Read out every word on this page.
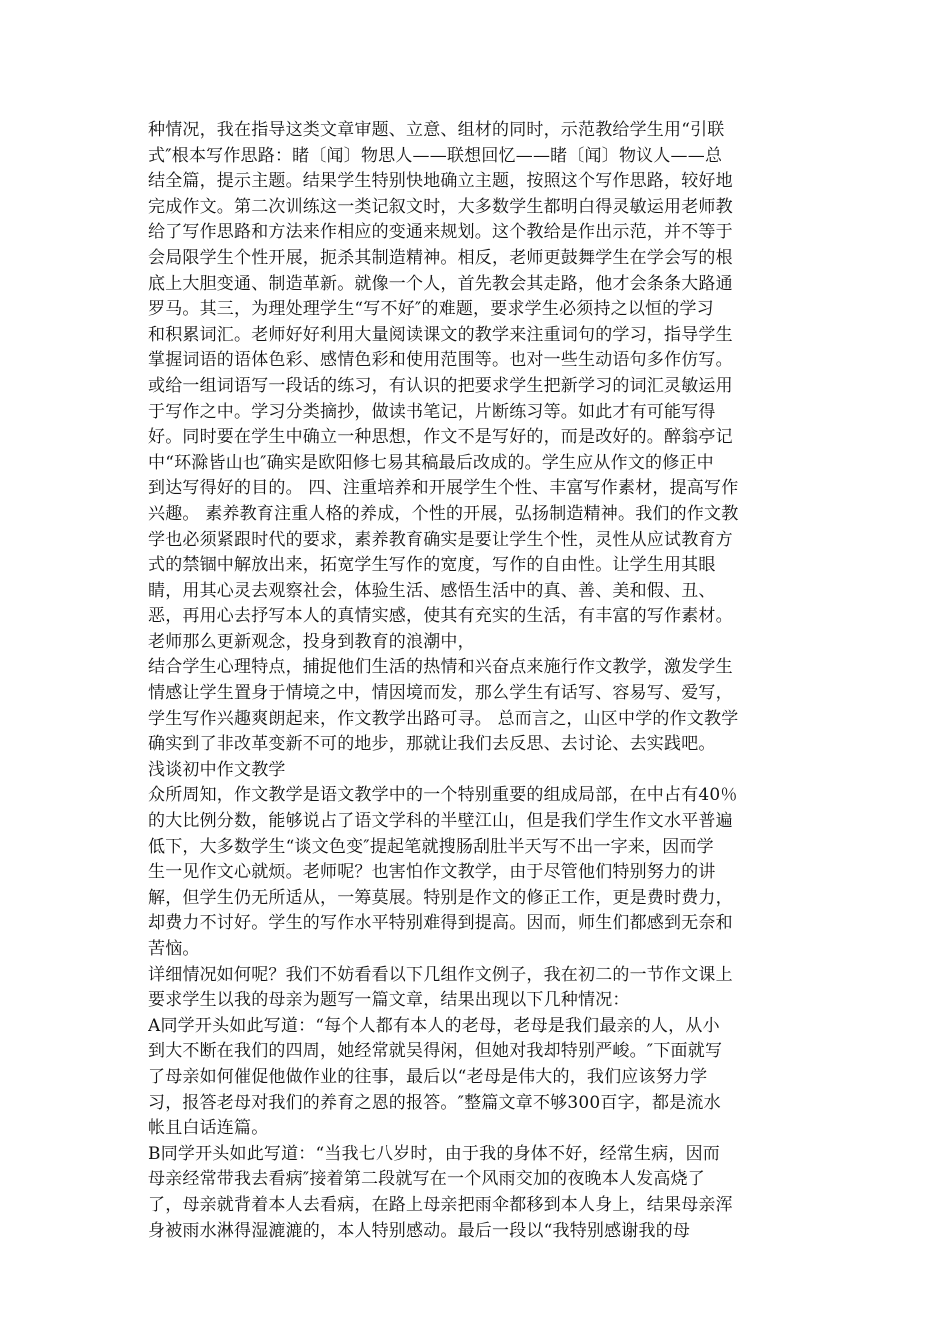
种情况，我在指导这类文章审题、立意、组材的同时，示范教给学生用“引联
式″根本写作思路：睹〔闻〕物思人——联想回忆——睹〔闻〕物议人——总
结全篇，提示主题。结果学生特别快地确立主题，按照这个写作思路，较好地
完成作文。第二次训练这一类记叙文时，大多数学生都明白得灵敏运用老师教
给了写作思路和方法来作相应的变通来规划。这个教给是作出示范，并不等于
会局限学生个性开展，扼杀其制造精神。相反，老师更鼓舞学生在学会写的根
底上大胆变通、制造革新。就像一个人，首先教会其走路，他才会条条大路通
罗马。其三，为理处理学生“写不好″的难题，要求学生必须持之以恒的学习
和积累词汇。老师好好利用大量阅读课文的教学来注重词句的学习，指导学生
掌握词语的语体色彩、感情色彩和使用范围等。也对一些生动语句多作仿写。
或给一组词语写一段话的练习，有认识的把要求学生把新学习的词汇灵敏运用
于写作之中。学习分类摘抄，做读书笔记，片断练习等。如此才有可能写得
好。同时要在学生中确立一种思想，作文不是写好的，而是改好的。醉翁亭记
中“环滁皆山也″确实是欧阳修七易其稿最后改成的。学生应从作文的修正中
到达写得好的目的。 四、注重培养和开展学生个性、丰富写作素材，提高写作
兴趣。 素养教育注重人格的养成，个性的开展，弘扬制造精神。我们的作文教
学也必须紧跟时代的要求，素养教育确实是要让学生个性，灵性从应试教育方
式的禁锢中解放出来，拓宽学生写作的宽度，写作的自由性。让学生用其眼
睛，用其心灵去观察社会，体验生活、感悟生活中的真、善、美和假、丑、
恶，再用心去抒写本人的真情实感，使其有充实的生活，有丰富的写作素材。
老师那么更新观念，投身到教育的浪潮中，
结合学生心理特点，捕捉他们生活的热情和兴奋点来施行作文教学，激发学生
情感让学生置身于情境之中，情因境而发，那么学生有话写、容易写、爱写，
学生写作兴趣爽朗起来，作文教学出路可寻。 总而言之，山区中学的作文教学
确实到了非改革变新不可的地步，那就让我们去反思、去讨论、去实践吧。
浅谈初中作文教学
众所周知，作文教学是语文教学中的一个特别重要的组成局部，在中占有40％
的大比例分数，能够说占了语文学科的半壁江山，但是我们学生作文水平普遍
低下，大多数学生“谈文色变″提起笔就搜肠刮肚半天写不出一字来，因而学
生一见作文心就烦。老师呢？也害怕作文教学，由于尽管他们特别努力的讲
解，但学生仍无所适从，一筹莫展。特别是作文的修正工作，更是费时费力，
却费力不讨好。学生的写作水平特别难得到提高。因而，师生们都感到无奈和
苦恼。
详细情况如何呢？我们不妨看看以下几组作文例子，我在初二的一节作文课上
要求学生以我的母亲为题写一篇文章，结果出现以下几种情况：
A同学开头如此写道：“每个人都有本人的老母，老母是我们最亲的人，从小
到大不断在我们的四周，她经常就吴得闲，但她对我却特别严峻。″下面就写
了母亲如何催促他做作业的往事，最后以“老母是伟大的，我们应该努力学
习，报答老母对我们的养育之恩的报答。″整篇文章不够300百字，都是流水
帐且白话连篇。
B同学开头如此写道：“当我七八岁时，由于我的身体不好，经常生病，因而
母亲经常带我去看病″接着第二段就写在一个风雨交加的夜晚本人发高烧了
了，母亲就背着本人去看病，在路上母亲把雨伞都移到本人身上，结果母亲浑
身被雨水淋得湿漉漉的，本人特别感动。最后一段以“我特别感谢我的母
